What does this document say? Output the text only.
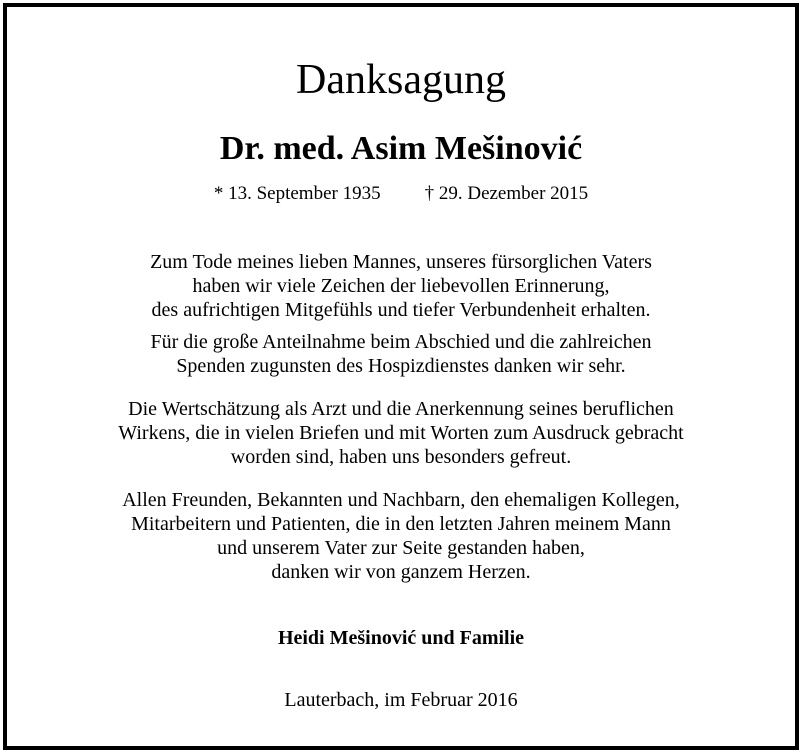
Danksagung
Dr. med. Asim Mešinović
* 13. September 1935 † 29. Dezember 2015
Zum Tode meines lieben Mannes, unseres fürsorglichen Vaters
haben wir viele Zeichen der liebevollen Erinnerung,
des aufrichtigen Mitgefühls und tiefer Verbundenheit erhalten.
Für die große Anteilnahme beim Abschied und die zahlreichen
Spenden zugunsten des Hospizdienstes danken wir sehr.
Die Wertschätzung als Arzt und die Anerkennung seines beruflichen
Wirkens, die in vielen Briefen und mit Worten zum Ausdruck gebracht
worden sind, haben uns besonders gefreut.
Allen Freunden, Bekannten und Nachbarn, den ehemaligen Kollegen,
Mitarbeitern und Patienten, die in den letzten Jahren meinem Mann
und unserem Vater zur Seite gestanden haben,
danken wir von ganzem Herzen.
Heidi Mešinović und Familie
Lauterbach, im Februar 2016
